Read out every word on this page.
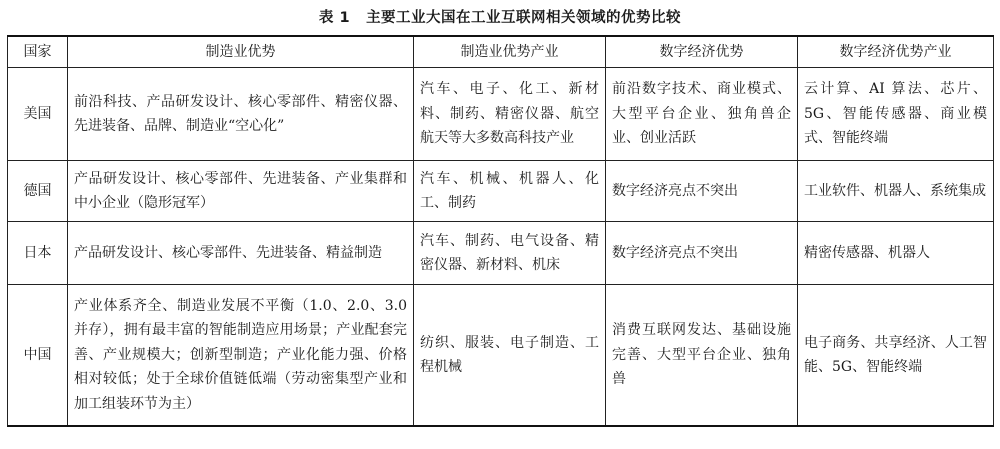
表 1 主要工业大国在工业互联网相关领域的优势比较
国家	制造业优势	制造业优势产业	数字经济优势	数字经济优势产业
美国	前沿科技、产品研发设计、核心零部件、精密仪器、先进装备、品牌、制造业“空心化”	汽车、电子、化工、新材料、制药、精密仪器、航空航天等大多数高科技产业	前沿数字技术、商业模式、大型平台企业、独角兽企业、创业活跃	云计算、AI 算法、芯片、5G、智能传感器、商业模式、智能终端
德国	产品研发设计、核心零部件、先进装备、产业集群和中小企业（隐形冠军）	汽车、机械、机器人、化工、制药	数字经济亮点不突出	工业软件、机器人、系统集成
日本	产品研发设计、核心零部件、先进装备、精益制造	汽车、制药、电气设备、精密仪器、新材料、机床	数字经济亮点不突出	精密传感器、机器人
中国	产业体系齐全、制造业发展不平衡（1.0、2.0、3.0 并存），拥有最丰富的智能制造应用场景；产业配套完善、产业规模大；创新型制造；产业化能力强、价格相对较低；处于全球价值链低端（劳动密集型产业和加工组装环节为主）	纺织、服装、电子制造、工程机械	消费互联网发达、基础设施完善、大型平台企业、独角兽	电子商务、共享经济、人工智能、5G、智能终端
